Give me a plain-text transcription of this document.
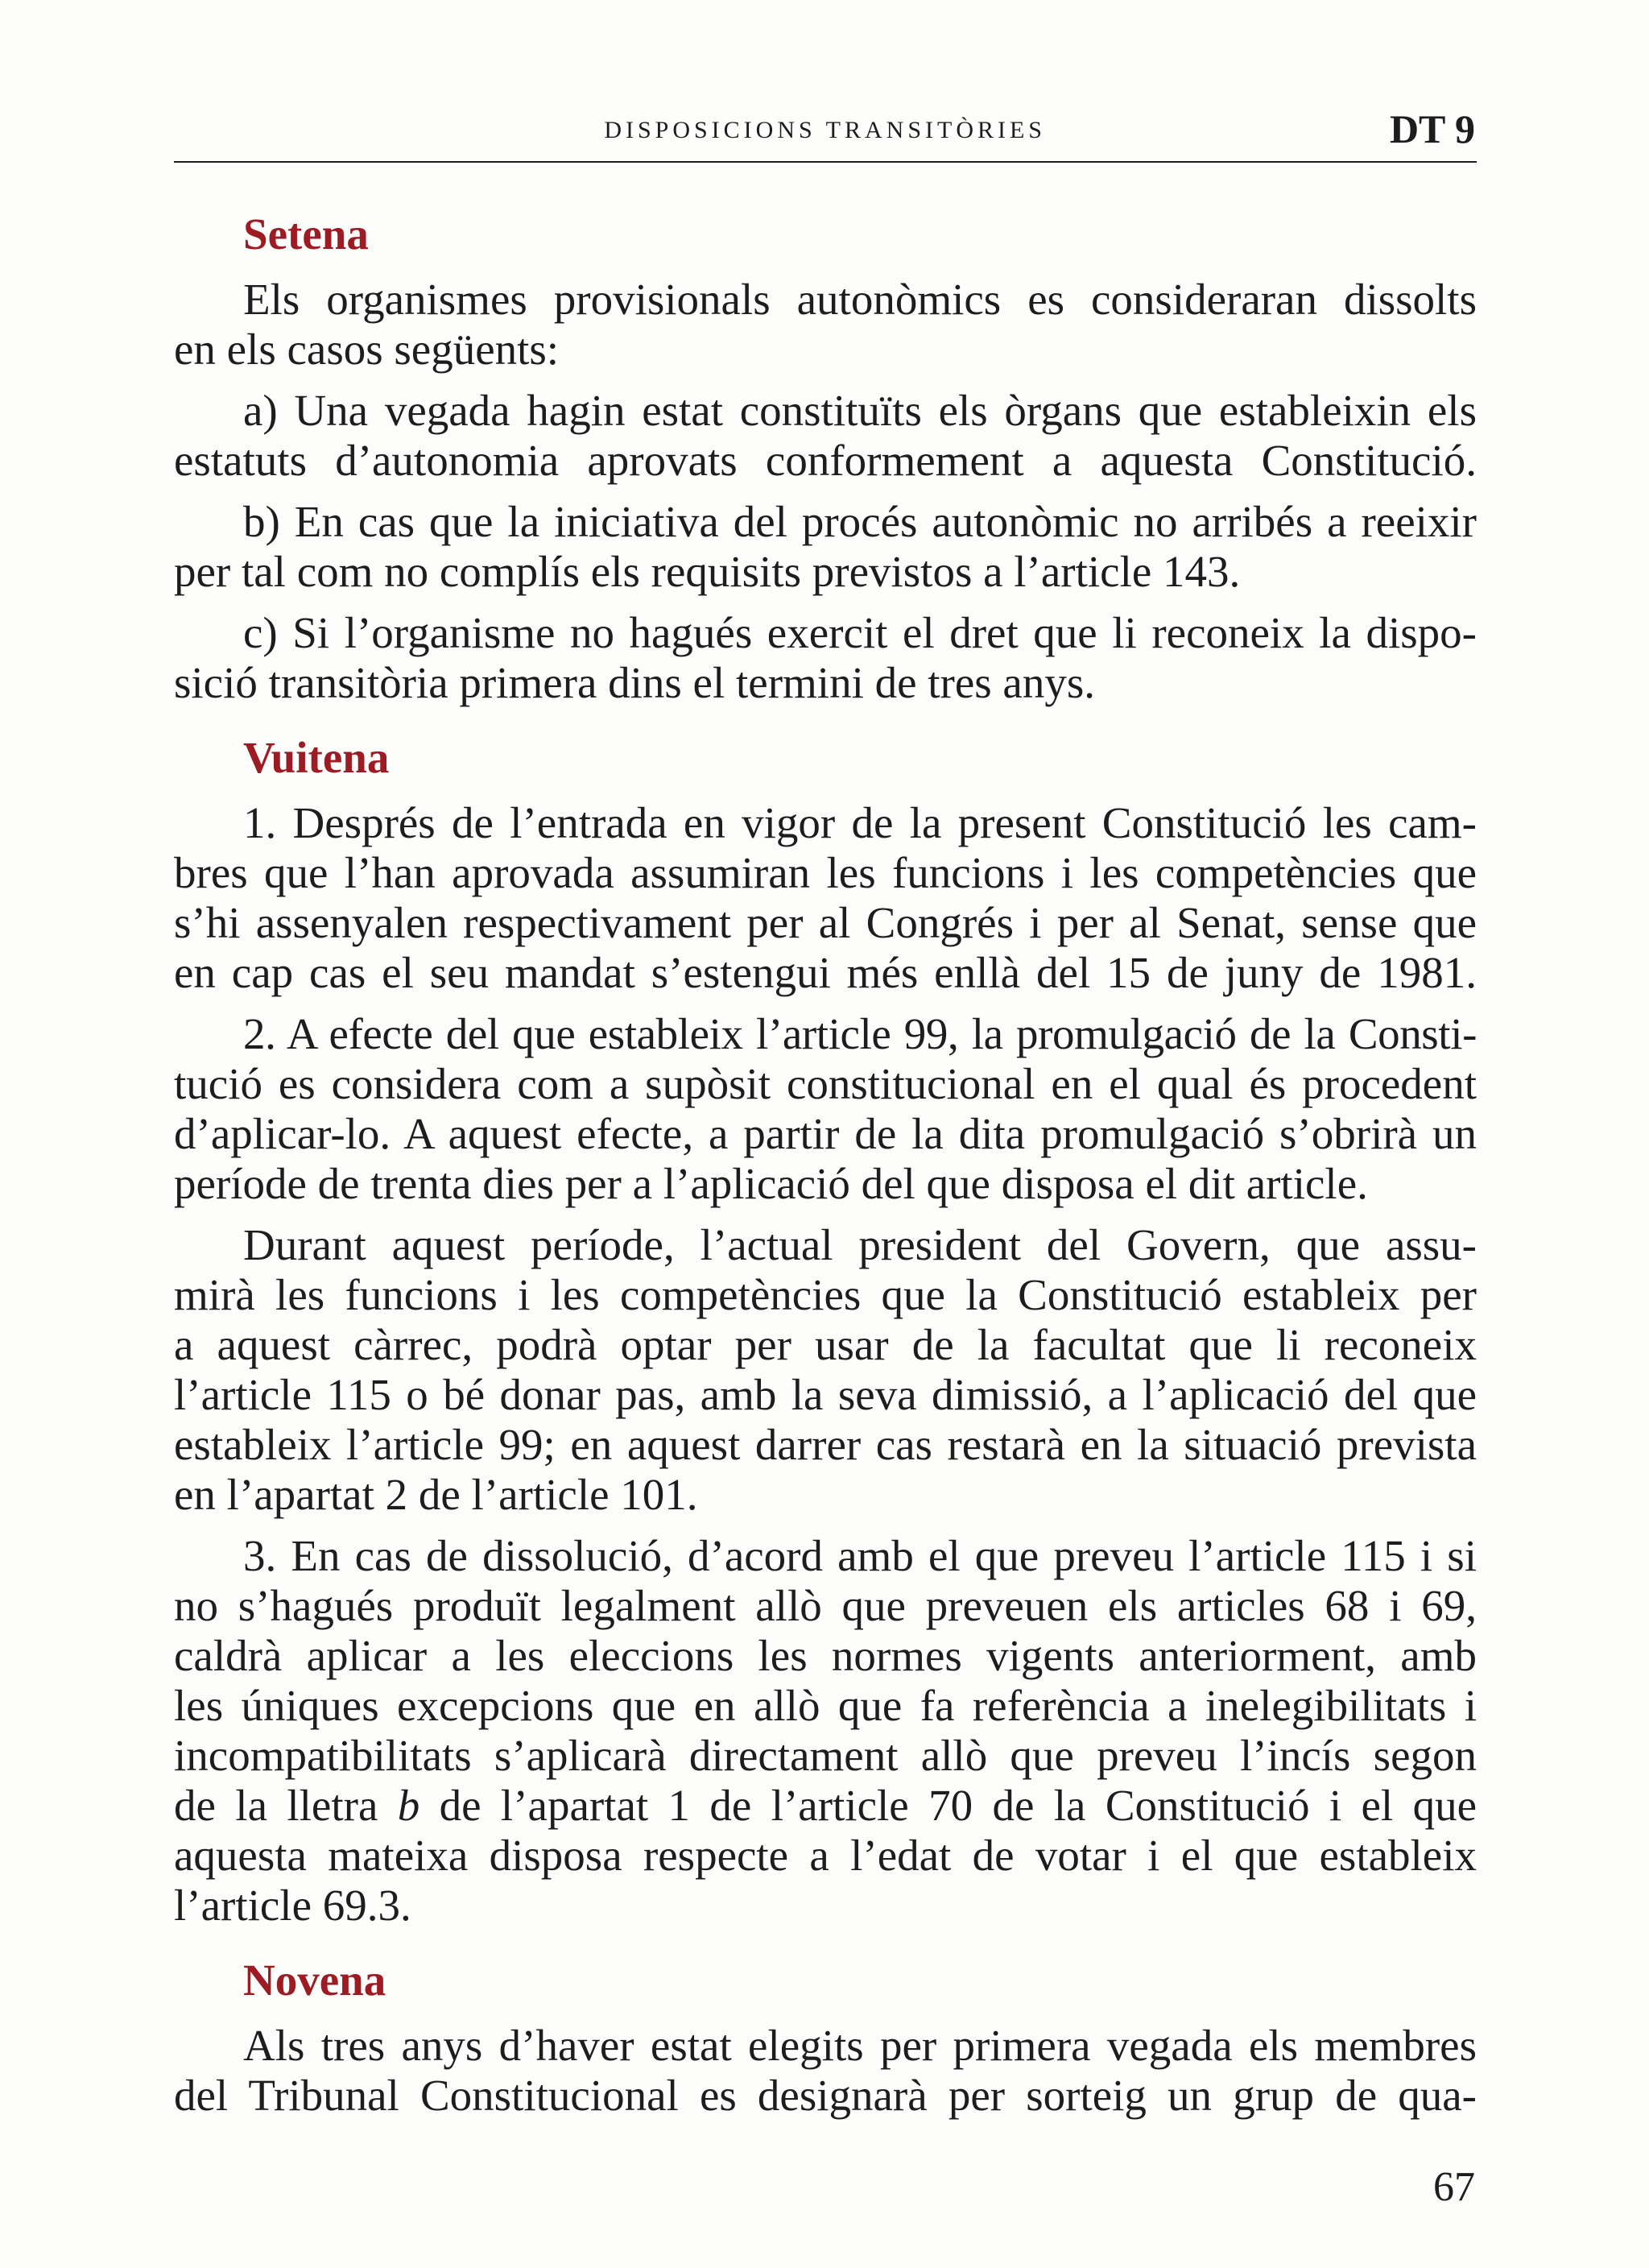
DISPOSICIONS TRANSITÒRIES	DT 9
Setena
Els organismes provisionals autonòmics es consideraran dissolts
en els casos següents:
a) Una vegada hagin estat constituïts els òrgans que estableixin els
estatuts d’autonomia aprovats conformement a aquesta Constitució.
b) En cas que la iniciativa del procés autonòmic no arribés a reeixir
per tal com no complís els requisits previstos a l’article 143.
c) Si l’organisme no hagués exercit el dret que li reconeix la dispo-
sició transitòria primera dins el termini de tres anys.
Vuitena
1. Després de l’entrada en vigor de la present Constitució les cam-
bres que l’han aprovada assumiran les funcions i les competències que
s’hi assenyalen respectivament per al Congrés i per al Senat, sense que
en cap cas el seu mandat s’estengui més enllà del 15 de juny de 1981.
2. A efecte del que estableix l’article 99, la promulgació de la Consti-
tució es considera com a supòsit constitucional en el qual és procedent
d’aplicar-lo. A aquest efecte, a partir de la dita promulgació s’obrirà un
període de trenta dies per a l’aplicació del que disposa el dit article.
Durant aquest període, l’actual president del Govern, que assu-
mirà les funcions i les competències que la Constitució estableix per
a aquest càrrec, podrà optar per usar de la facultat que li reconeix
l’article 115 o bé donar pas, amb la seva dimissió, a l’aplicació del que
estableix l’article 99; en aquest darrer cas restarà en la situació prevista
en l’apartat 2 de l’article 101.
3. En cas de dissolució, d’acord amb el que preveu l’article 115 i si
no s’hagués produït legalment allò que preveuen els articles 68 i 69,
caldrà aplicar a les eleccions les normes vigents anteriorment, amb
les úniques excepcions que en allò que fa referència a inelegibilitats i
incompatibilitats s’aplicarà directament allò que preveu l’incís segon
de la lletra b de l’apartat 1 de l’article 70 de la Constitució i el que
aquesta mateixa disposa respecte a l’edat de votar i el que estableix
l’article 69.3.
Novena
Als tres anys d’haver estat elegits per primera vegada els membres
del Tribunal Constitucional es designarà per sorteig un grup de qua-
67
